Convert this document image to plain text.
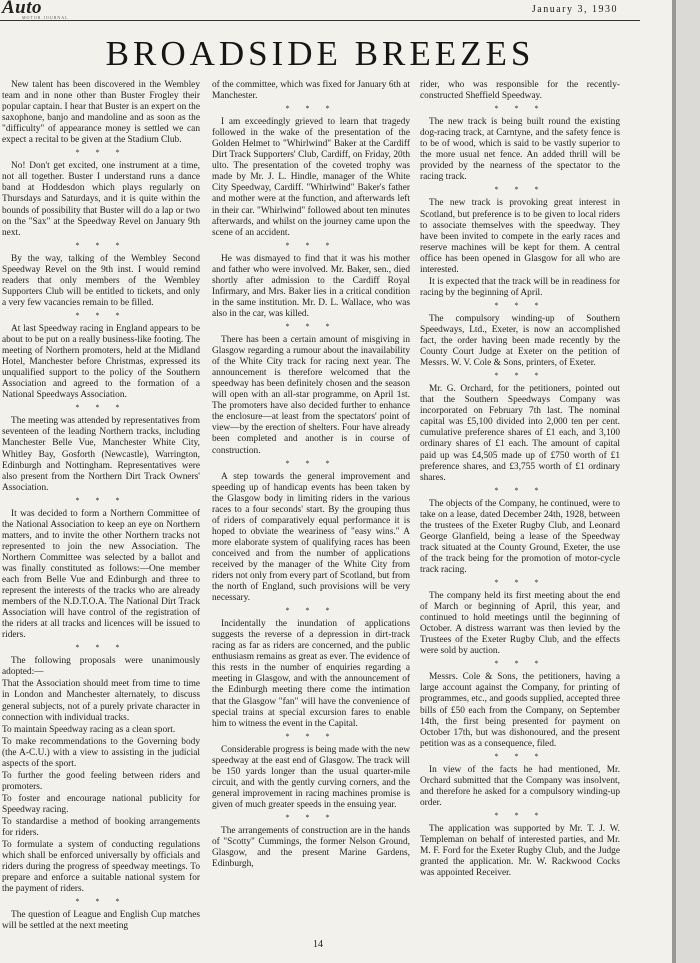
Auto
MOTOR JOURNAL
January 3, 1930
BROADSIDE BREEZES

New talent has been discovered in the Wembley team and in none other than Buster Frogley their popular captain. I hear that Buster is an expert on the saxophone, banjo and mandoline and as soon as the "difficulty" of appearance money is settled we can expect a recital to be given at the Stadium Club.

* * *

No! Don't get excited, one instrument at a time, not all together. Buster I understand runs a dance band at Hoddesdon which plays regularly on Thursdays and Saturdays, and it is quite within the bounds of possibility that Buster will do a lap or two on the "Sax" at the Speedway Revel on January 9th next.

* * *

By the way, talking of the Wembley Second Speedway Revel on the 9th inst. I would remind readers that only members of the Wembley Supporters Club will be entitled to tickets, and only a very few vacancies remain to be filled.

* * *

At last Speedway racing in England appears to be about to be put on a really business-like footing. The meeting of Northern promoters, held at the Midland Hotel, Manchester before Christmas, expressed its unqualified support to the policy of the Southern Association and agreed to the formation of a National Speedways Association.

* * *

The meeting was attended by representatives from seventeen of the leading Northern tracks, including Manchester Belle Vue, Manchester White City, Whitley Bay, Gosforth (Newcastle), Warrington, Edinburgh and Nottingham. Representatives were also present from the Northern Dirt Track Owners' Association.

* * *

It was decided to form a Northern Committee of the National Association to keep an eye on Northern matters, and to invite the other Northern tracks not represented to join the new Association. The Northern Committee was selected by a ballot and was finally constituted as follows:—One member each from Belle Vue and Edinburgh and three to represent the interests of the tracks who are already members of the N.D.T.O.A. The National Dirt Track Association will have control of the registration of the riders at all tracks and licences will be issued to riders.

* * *

The following proposals were unanimously adopted:—

That the Association should meet from time to time in London and Manchester alternately, to discuss general subjects, not of a purely private character in connection with individual tracks.

To maintain Speedway racing as a clean sport.

To make recommendations to the Governing body (the A-C.U.) with a view to assisting in the judicial aspects of the sport.

To further the good feeling between riders and promoters.

To foster and encourage national publicity for Speedway racing.

To standardise a method of booking arrangements for riders.

To formulate a system of conducting regulations which shall be enforced universally by officials and riders during the progress of speedway meetings. To prepare and enforce a suitable national system for the payment of riders.

* * *

The question of League and English Cup matches will be settled at the next meeting

of the committee, which was fixed for January 6th at Manchester.

* * *

I am exceedingly grieved to learn that tragedy followed in the wake of the presentation of the Golden Helmet to "Whirlwind" Baker at the Cardiff Dirt Track Supporters' Club, Cardiff, on Friday, 20th ulto. The presentation of the coveted trophy was made by Mr. J. L. Hindle, manager of the White City Speedway, Cardiff. "Whirlwind" Baker's father and mother were at the function, and afterwards left in their car. "Whirlwind" followed about ten minutes afterwards, and whilst on the journey came upon the scene of an accident.

* * *

He was dismayed to find that it was his mother and father who were involved. Mr. Baker, sen., died shortly after admission to the Cardiff Royal Infirmary, and Mrs. Baker lies in a critical condition in the same institution. Mr. D. L. Wallace, who was also in the car, was killed.

* * *

There has been a certain amount of misgiving in Glasgow regarding a rumour about the inavailability of the White City track for racing next year. The announcement is therefore welcomed that the speedway has been definitely chosen and the season will open with an all-star programme, on April 1st. The promoters have also decided further to enhance the enclosure—at least from the spectators' point of view—by the erection of shelters. Four have already been completed and another is in course of construction.

* * *

A step towards the general improvement and speeding up of handicap events has been taken by the Glasgow body in limiting riders in the various races to a four seconds' start. By the grouping thus of riders of comparatively equal performance it is hoped to obviate the weariness of "easy wins." A more elaborate system of qualifying races has been conceived and from the number of applications received by the manager of the White City from riders not only from every part of Scotland, but from the north of England, such provisions will be very necessary.

* * *

Incidentally the inundation of applications suggests the reverse of a depression in dirt-track racing as far as riders are concerned, and the public enthusiasm remains as great as ever. The evidence of this rests in the number of enquiries regarding a meeting in Glasgow, and with the announcement of the Edinburgh meeting there come the intimation that the Glasgow "fan" will have the convenience of special trains at special excursion fares to enable him to witness the event in the Capital.

* * *

Considerable progress is being made with the new speedway at the east end of Glasgow. The track will be 150 yards longer than the usual quarter-mile circuit, and with the gently curving corners, and the general improvement in racing machines promise is given of much greater speeds in the ensuing year.

* * *

The arrangements of construction are in the hands of "Scotty" Cummings, the former Nelson Ground, Glasgow, and the present Marine Gardens, Edinburgh,

rider, who was responsible for the recently-constructed Sheffield Speedway.

* * *

The new track is being built round the existing dog-racing track, at Carntyne, and the safety fence is to be of wood, which is said to be vastly superior to the more usual net fence. An added thrill will be provided by the nearness of the spectator to the racing track.

* * *

The new track is provoking great interest in Scotland, but preference is to be given to local riders to associate themselves with the speedway. They have been invited to compete in the early races and reserve machines will be kept for them. A central office has been opened in Glasgow for all who are interested.

It is expected that the track will be in readiness for racing by the beginning of April.

* * *

The compulsory winding-up of Southern Speedways, Ltd., Exeter, is now an accomplished fact, the order having been made recently by the County Court Judge at Exeter on the petition of Messrs. W. V. Cole & Sons, printers, of Exeter.

* * *

Mr. G. Orchard, for the petitioners, pointed out that the Southern Speedways Company was incorporated on February 7th last. The nominal capital was £5,100 divided into 2,000 ten per cent. cumulative preference shares of £1 each, and 3,100 ordinary shares of £1 each. The amount of capital paid up was £4,505 made up of £750 worth of £1 preference shares, and £3,755 worth of £1 ordinary shares.

* * *

The objects of the Company, he continued, were to take on a lease, dated December 24th, 1928, between the trustees of the Exeter Rugby Club, and Leonard George Glanfield, being a lease of the Speedway track situated at the County Ground, Exeter, the use of the track being for the promotion of motor-cycle track racing.

* * *

The company held its first meeting about the end of March or beginning of April, this year, and continued to hold meetings until the beginning of October. A distress warrant was then levied by the Trustees of the Exeter Rugby Club, and the effects were sold by auction.

* * *

Messrs. Cole & Sons, the petitioners, having a large account against the Company, for printing of programmes, etc., and goods supplied, accepted three bills of £50 each from the Company, on September 14th, the first being presented for payment on October 17th, but was dishonoured, and the present petition was as a consequence, filed.

* * *

In view of the facts he had mentioned, Mr. Orchard submitted that the Company was insolvent, and therefore he asked for a compulsory winding-up order.

* * *

The application was supported by Mr. T. J. W. Templeman on behalf of interested parties, and Mr. M. F. Ford for the Exeter Rugby Club, and the Judge granted the application. Mr. W. Rackwood Cocks was appointed Receiver.

14
